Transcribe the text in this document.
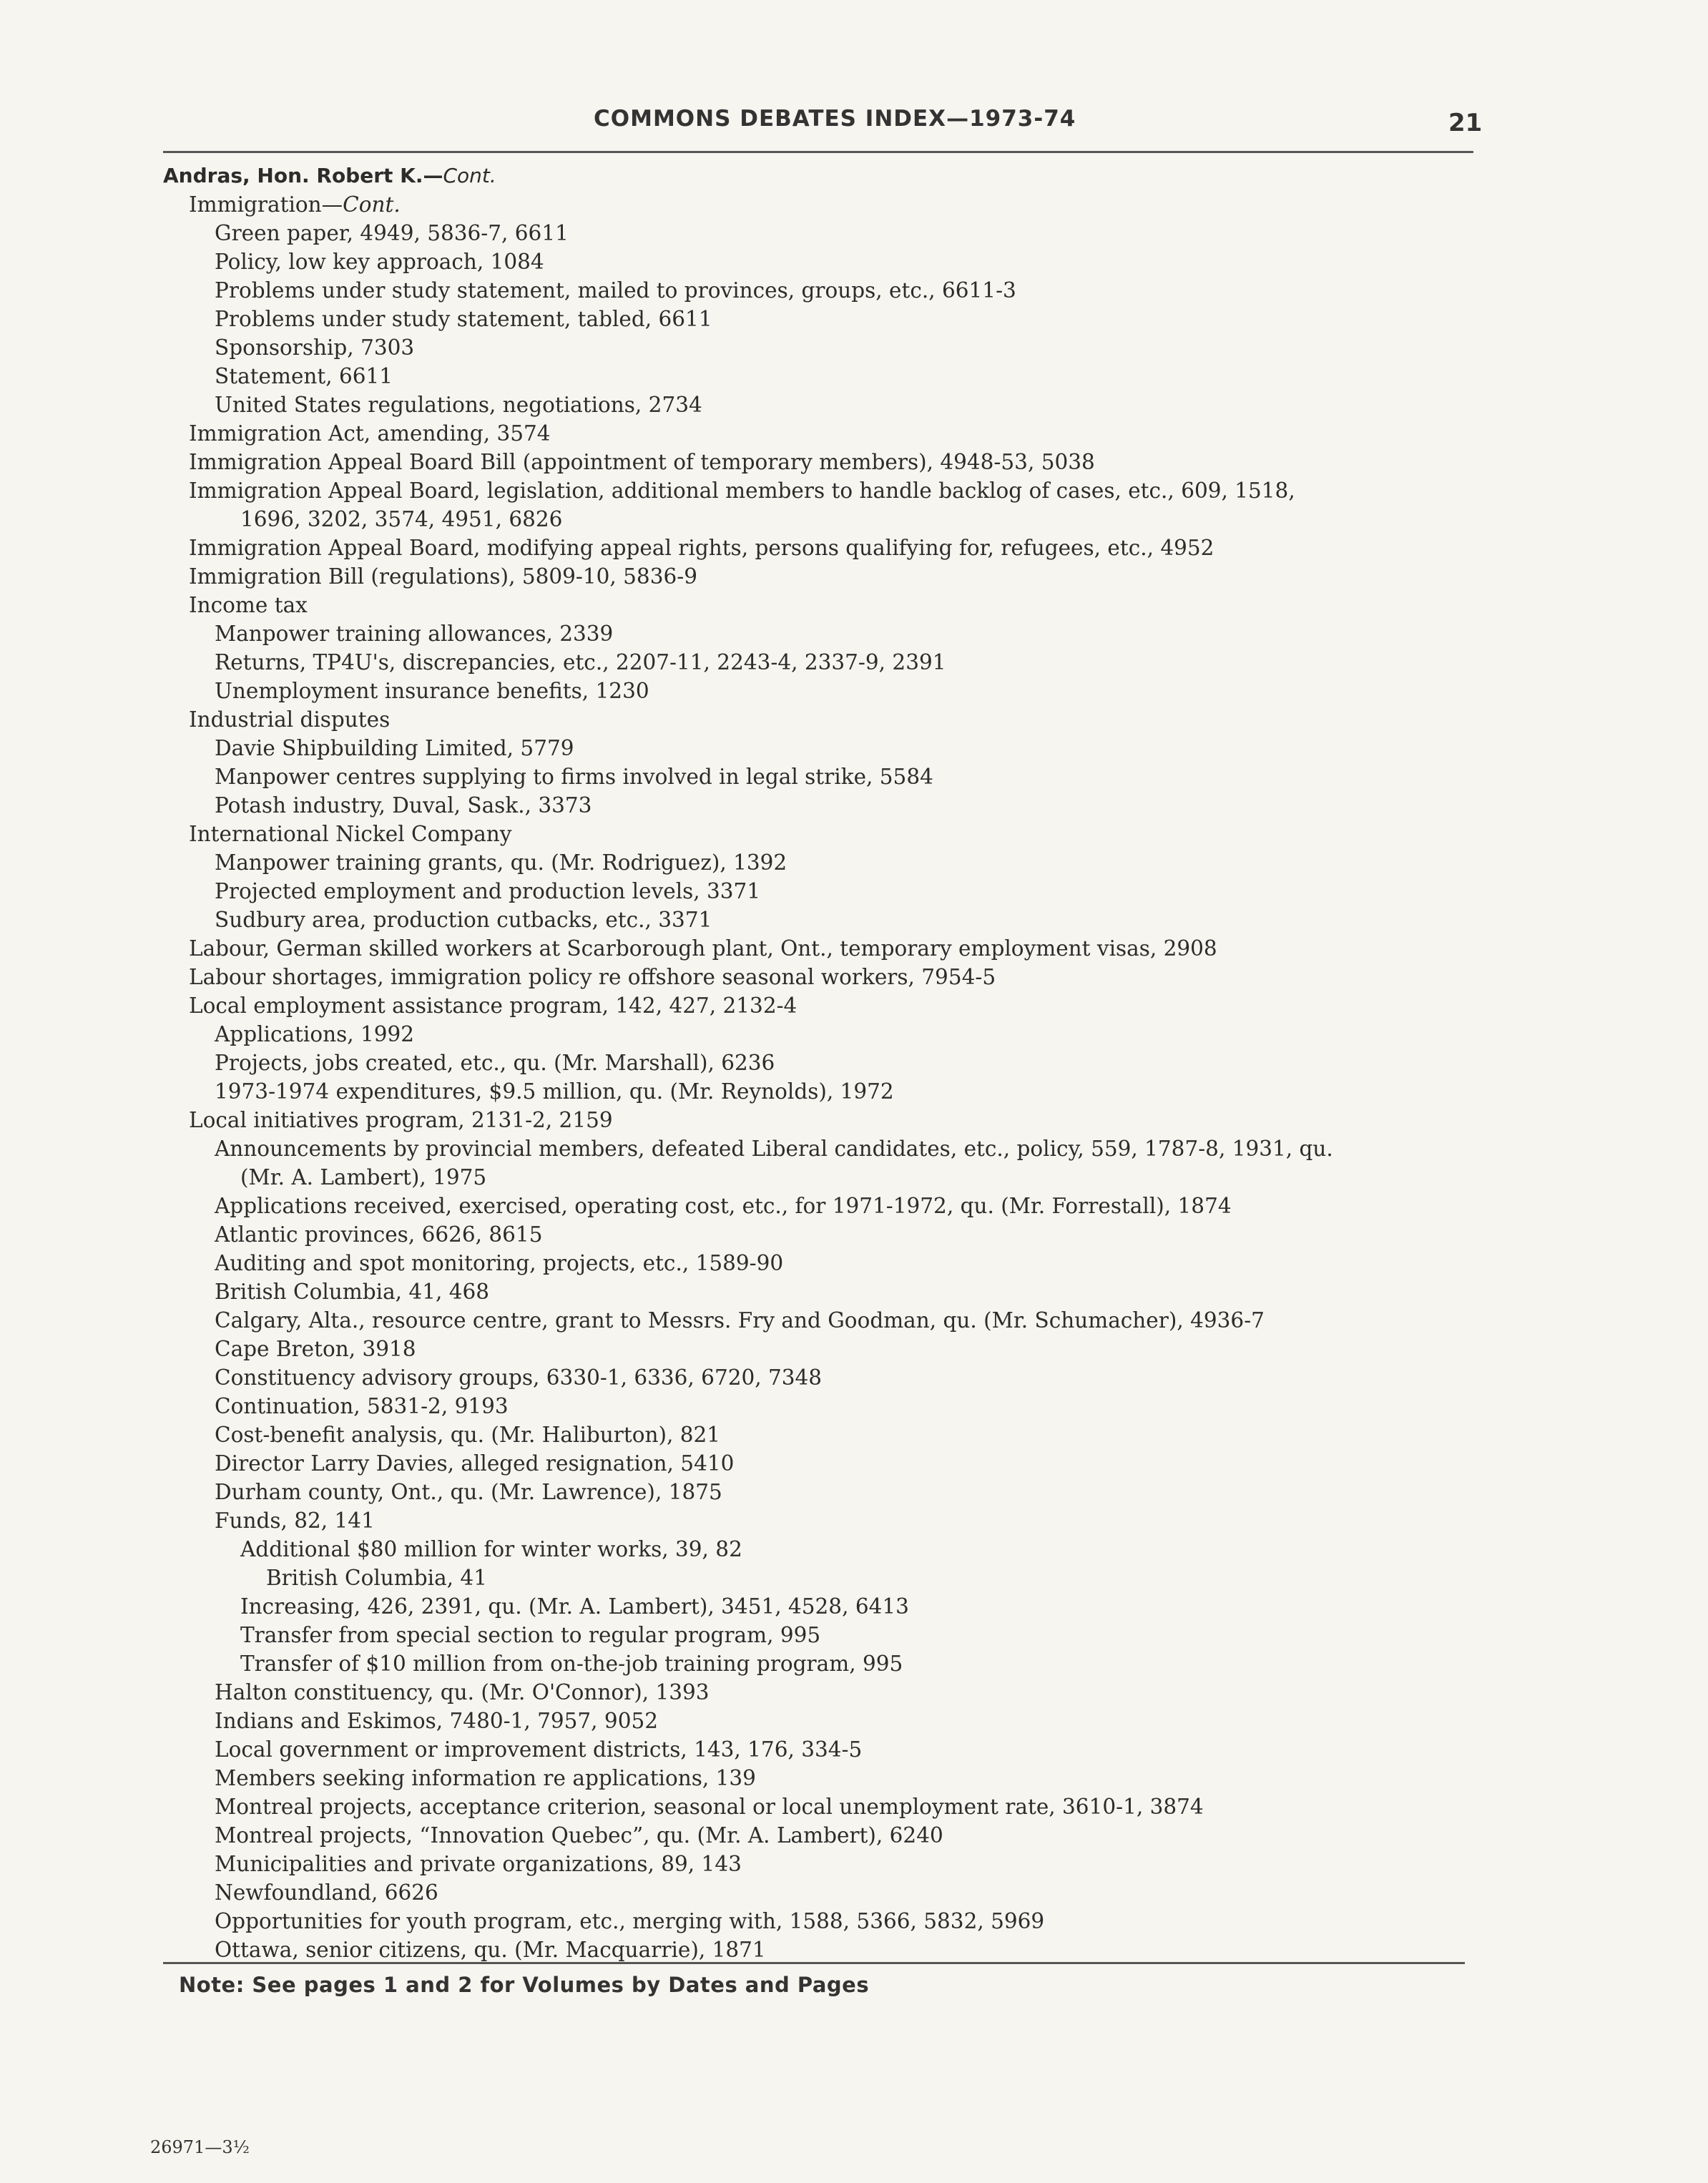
COMMONS DEBATES INDEX—1973-74	21
Andras, Hon. Robert K.—Cont.
Immigration—Cont.
Green paper, 4949, 5836-7, 6611
Policy, low key approach, 1084
Problems under study statement, mailed to provinces, groups, etc., 6611-3
Problems under study statement, tabled, 6611
Sponsorship, 7303
Statement, 6611
United States regulations, negotiations, 2734
Immigration Act, amending, 3574
Immigration Appeal Board Bill (appointment of temporary members), 4948-53, 5038
Immigration Appeal Board, legislation, additional members to handle backlog of cases, etc., 609, 1518,
1696, 3202, 3574, 4951, 6826
Immigration Appeal Board, modifying appeal rights, persons qualifying for, refugees, etc., 4952
Immigration Bill (regulations), 5809-10, 5836-9
Income tax
Manpower training allowances, 2339
Returns, TP4U's, discrepancies, etc., 2207-11, 2243-4, 2337-9, 2391
Unemployment insurance benefits, 1230
Industrial disputes
Davie Shipbuilding Limited, 5779
Manpower centres supplying to firms involved in legal strike, 5584
Potash industry, Duval, Sask., 3373
International Nickel Company
Manpower training grants, qu. (Mr. Rodriguez), 1392
Projected employment and production levels, 3371
Sudbury area, production cutbacks, etc., 3371
Labour, German skilled workers at Scarborough plant, Ont., temporary employment visas, 2908
Labour shortages, immigration policy re offshore seasonal workers, 7954-5
Local employment assistance program, 142, 427, 2132-4
Applications, 1992
Projects, jobs created, etc., qu. (Mr. Marshall), 6236
1973-1974 expenditures, $9.5 million, qu. (Mr. Reynolds), 1972
Local initiatives program, 2131-2, 2159
Announcements by provincial members, defeated Liberal candidates, etc., policy, 559, 1787-8, 1931, qu.
(Mr. A. Lambert), 1975
Applications received, exercised, operating cost, etc., for 1971-1972, qu. (Mr. Forrestall), 1874
Atlantic provinces, 6626, 8615
Auditing and spot monitoring, projects, etc., 1589-90
British Columbia, 41, 468
Calgary, Alta., resource centre, grant to Messrs. Fry and Goodman, qu. (Mr. Schumacher), 4936-7
Cape Breton, 3918
Constituency advisory groups, 6330-1, 6336, 6720, 7348
Continuation, 5831-2, 9193
Cost-benefit analysis, qu. (Mr. Haliburton), 821
Director Larry Davies, alleged resignation, 5410
Durham county, Ont., qu. (Mr. Lawrence), 1875
Funds, 82, 141
Additional $80 million for winter works, 39, 82
British Columbia, 41
Increasing, 426, 2391, qu. (Mr. A. Lambert), 3451, 4528, 6413
Transfer from special section to regular program, 995
Transfer of $10 million from on-the-job training program, 995
Halton constituency, qu. (Mr. O'Connor), 1393
Indians and Eskimos, 7480-1, 7957, 9052
Local government or improvement districts, 143, 176, 334-5
Members seeking information re applications, 139
Montreal projects, acceptance criterion, seasonal or local unemployment rate, 3610-1, 3874
Montreal projects, “Innovation Quebec”, qu. (Mr. A. Lambert), 6240
Municipalities and private organizations, 89, 143
Newfoundland, 6626
Opportunities for youth program, etc., merging with, 1588, 5366, 5832, 5969
Ottawa, senior citizens, qu. (Mr. Macquarrie), 1871
Note: See pages 1 and 2 for Volumes by Dates and Pages
26971—3½
